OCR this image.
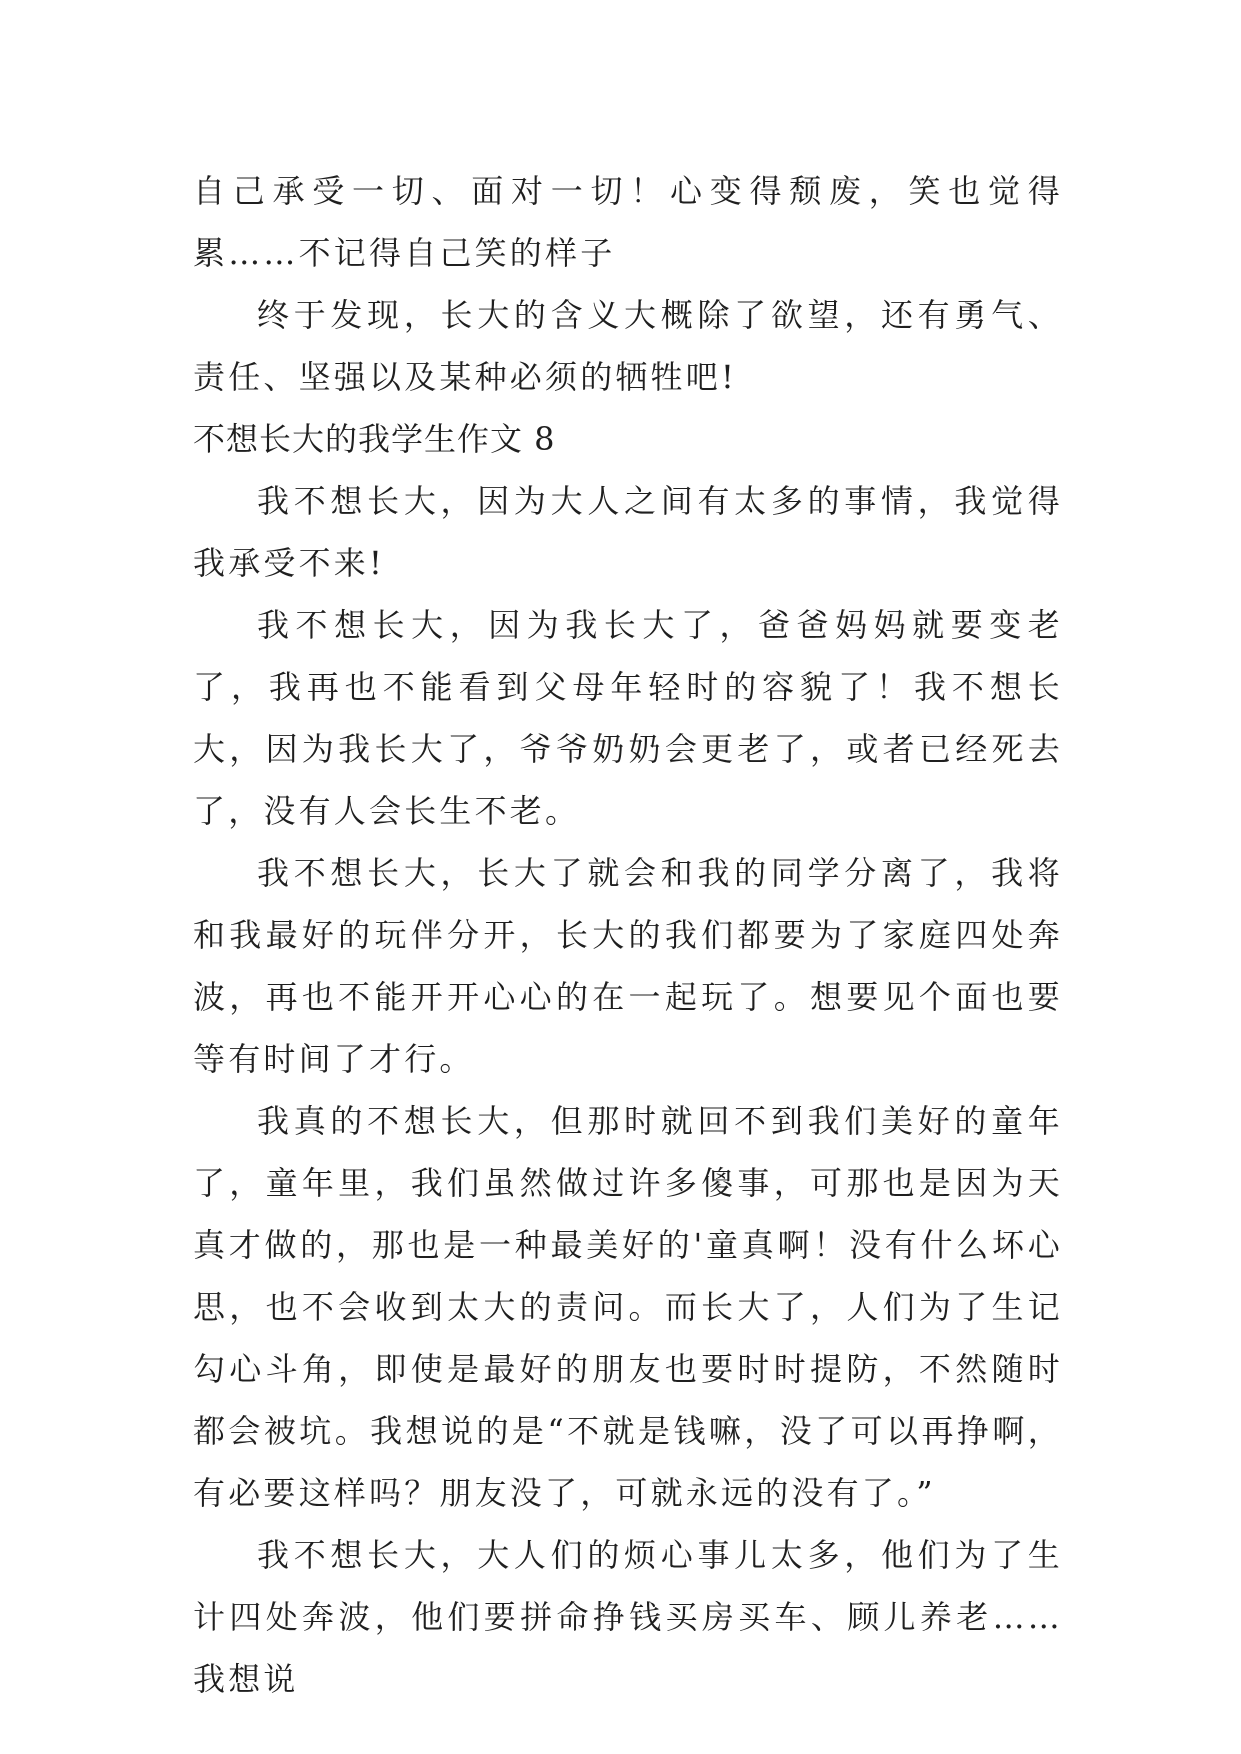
自己承受一切、面对一切！心变得颓废，笑也觉得累……不记得自己笑的样子

终于发现，长大的含义大概除了欲望，还有勇气、责任、坚强以及某种必须的牺牲吧!

不想长大的我学生作文 8

我不想长大，因为大人之间有太多的事情，我觉得我承受不来!

我不想长大，因为我长大了，爸爸妈妈就要变老了，我再也不能看到父母年轻时的容貌了！我不想长大，因为我长大了，爷爷奶奶会更老了，或者已经死去了，没有人会长生不老。

我不想长大，长大了就会和我的同学分离了，我将和我最好的玩伴分开，长大的我们都要为了家庭四处奔波，再也不能开开心心的在一起玩了。想要见个面也要等有时间了才行。

我真的不想长大，但那时就回不到我们美好的童年了，童年里，我们虽然做过许多傻事，可那也是因为天真才做的，那也是一种最美好的'童真啊！没有什么坏心思，也不会收到太大的责问。而长大了，人们为了生记勾心斗角，即使是最好的朋友也要时时提防，不然随时都会被坑。我想说的是“不就是钱嘛，没了可以再挣啊，有必要这样吗？朋友没了，可就永远的没有了。”

我不想长大，大人们的烦心事儿太多，他们为了生计四处奔波，他们要拼命挣钱买房买车、顾儿养老……我想说
